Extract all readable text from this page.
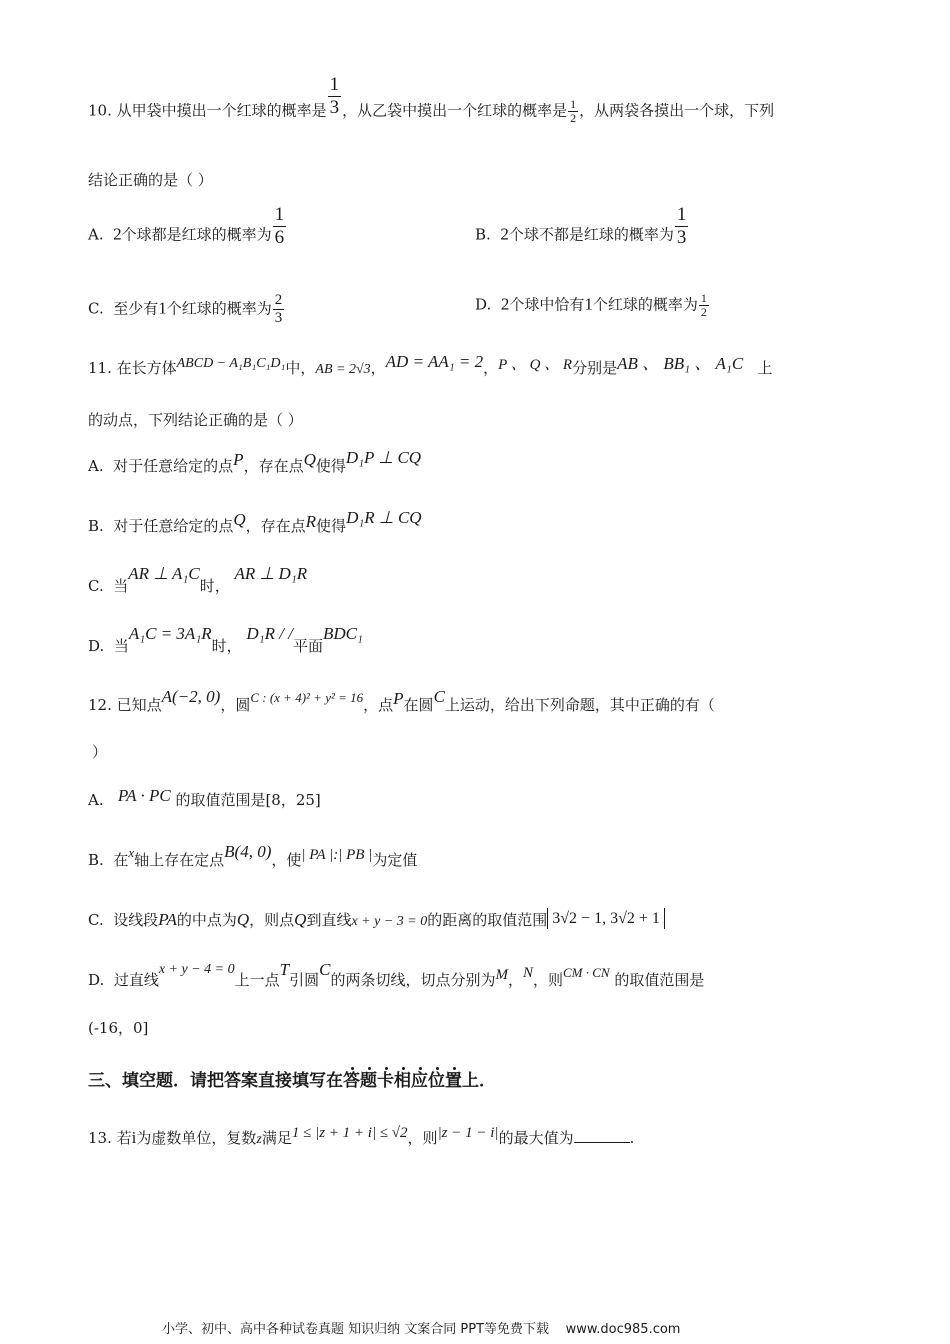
10. 从甲袋中摸出一个红球的概率是 $\frac{1}{3}$ ，从乙袋中摸出一个红球的概率是 $\frac{1}{2}$ ，从两袋各摸出一个球，下列
结论正确的是（ ）
A. 2个球都是红球的概率为 $\frac{1}{6}$	B. 2个球不都是红球的概率为 $\frac{1}{3}$
C. 至少有1个红球的概率为 $\frac{2}{3}$	D. 2个球中恰有1个红球的概率为 $\frac{1}{2}$
11. 在长方体ABCD − A₁B₁C₁D₁中，AB = 2√3，AD = AA₁ = 2，P 、 Q 、 R分别是AB 、 BB₁ 、 A₁C 上
的动点，下列结论正确的是（ ）
A. 对于任意给定的点P，存在点Q使得D₁P ⊥ CQ
B. 对于任意给定的点Q，存在点R使得D₁R ⊥ CQ
C. 当AR ⊥ A₁C时， AR ⊥ D₁R
D. 当A₁C = 3A₁R时， D₁R / /平面BDC₁
12. 已知点A(−2, 0)，圆C : (x + 4)² + y² = 16，点P在圆C上运动，给出下列命题，其中正确的有（
）
A. PA · PC 的取值范围是[8，25]
B. 在x轴上存在定点B(4, 0)，使| PA |:| PB |为定值
C. 设线段PA的中点为Q，则点Q到直线x + y − 3 = 0的距离的取值范围 3√2 − 1, 3√2 + 1
D. 过直线x + y − 4 = 0上一点T引圆C的两条切线，切点分别为M，N，则CM · CN 的取值范围是
(-16，0]
三、填空题．请把答案直接填写在答题卡相应位置上．
13. 若i为虚数单位，复数z满足1 ≤ |z + 1 + i| ≤ √2，则|z − 1 − i|的最大值为	.
小学、初中、高中各种试卷真题 知识归纳 文案合同 PPT等免费下载 www.doc985.com
